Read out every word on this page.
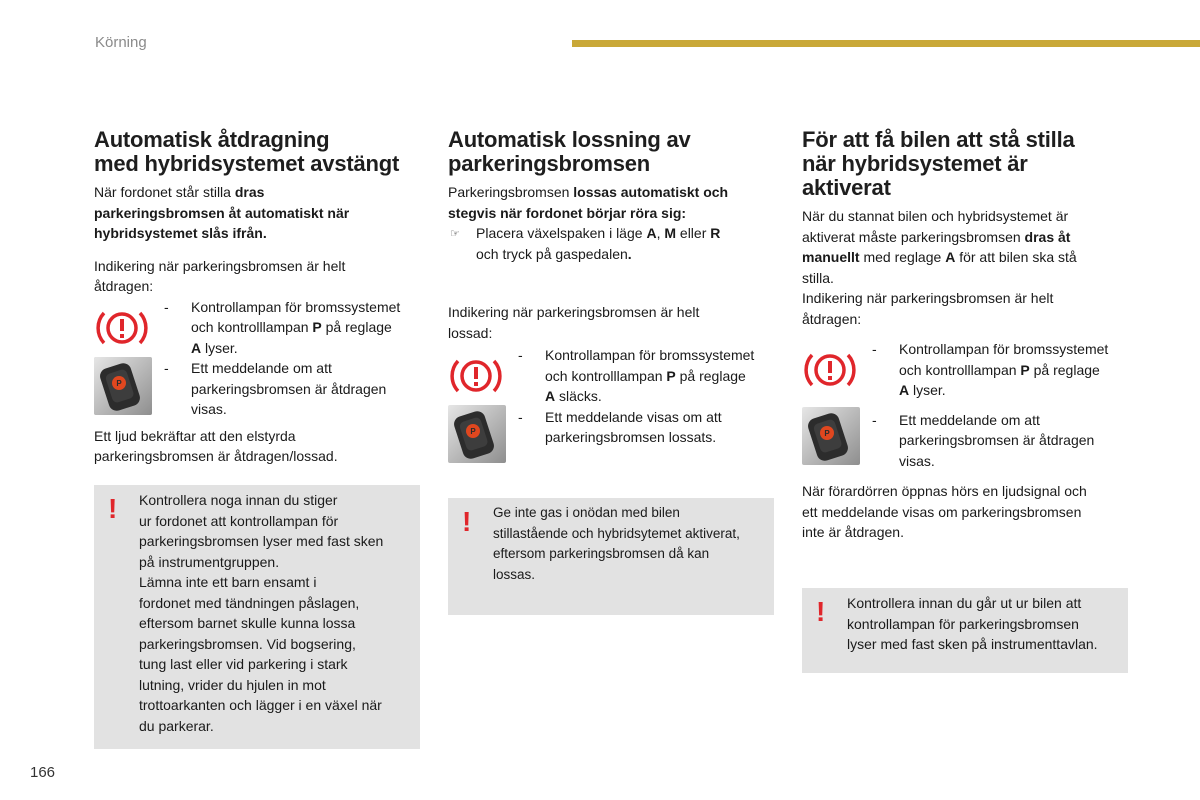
Körning
Automatisk åtdragning
med hybridsystemet avstängt

När fordonet står stilla dras
parkeringsbromsen åt automatiskt när
hybridsystemet slås ifrån.

Indikering när parkeringsbromsen är helt
åtdragen:

P
- Kontrollampan för bromssystemet
och kontrolllampan P på reglage
A lyser.
- Ett meddelande om att
parkeringsbromsen är åtdragen
visas.

Ett ljud bekräftar att den elstyrda
parkeringsbromsen är åtdragen/lossad.

! Kontrollera noga innan du stiger
ur fordonet att kontrollampan för
parkeringsbromsen lyser med fast sken
på instrumentgruppen.
Lämna inte ett barn ensamt i
fordonet med tändningen påslagen,
eftersom barnet skulle kunna lossa
parkeringsbromsen. Vid bogsering,
tung last eller vid parkering i stark
lutning, vrider du hjulen in mot
trottoarkanten och lägger i en växel när
du parkerar.
Automatisk lossning av
parkeringsbromsen

Parkeringsbromsen lossas automatiskt och
stegvis när fordonet börjar röra sig:

☞ Placera växelspaken i läge A, M eller R
och tryck på gaspedalen.

Indikering när parkeringsbromsen är helt
lossad:

P
- Kontrollampan för bromssystemet
och kontrolllampan P på reglage
A släcks.
- Ett meddelande visas om att
parkeringsbromsen lossats.
! Ge inte gas i onödan med bilen
stillastående och hybridsytemet aktiverat,
eftersom parkeringsbromsen då kan
lossas.
För att få bilen att stå stilla
när hybridsystemet är
aktiverat

När du stannat bilen och hybridsystemet är
aktiverat måste parkeringsbromsen dras åt
manuellt med reglage A för att bilen ska stå
stilla.

Indikering när parkeringsbromsen är helt
åtdragen:

P
- Kontrollampan för bromssystemet
och kontrolllampan P på reglage
A lyser.
- Ett meddelande om att
parkeringsbromsen är åtdragen
visas.

När förardörren öppnas hörs en ljudsignal och
ett meddelande visas om parkeringsbromsen
inte är åtdragen.

! Kontrollera innan du går ut ur bilen att
kontrollampan för parkeringsbromsen
lyser med fast sken på instrumenttavlan.
166
